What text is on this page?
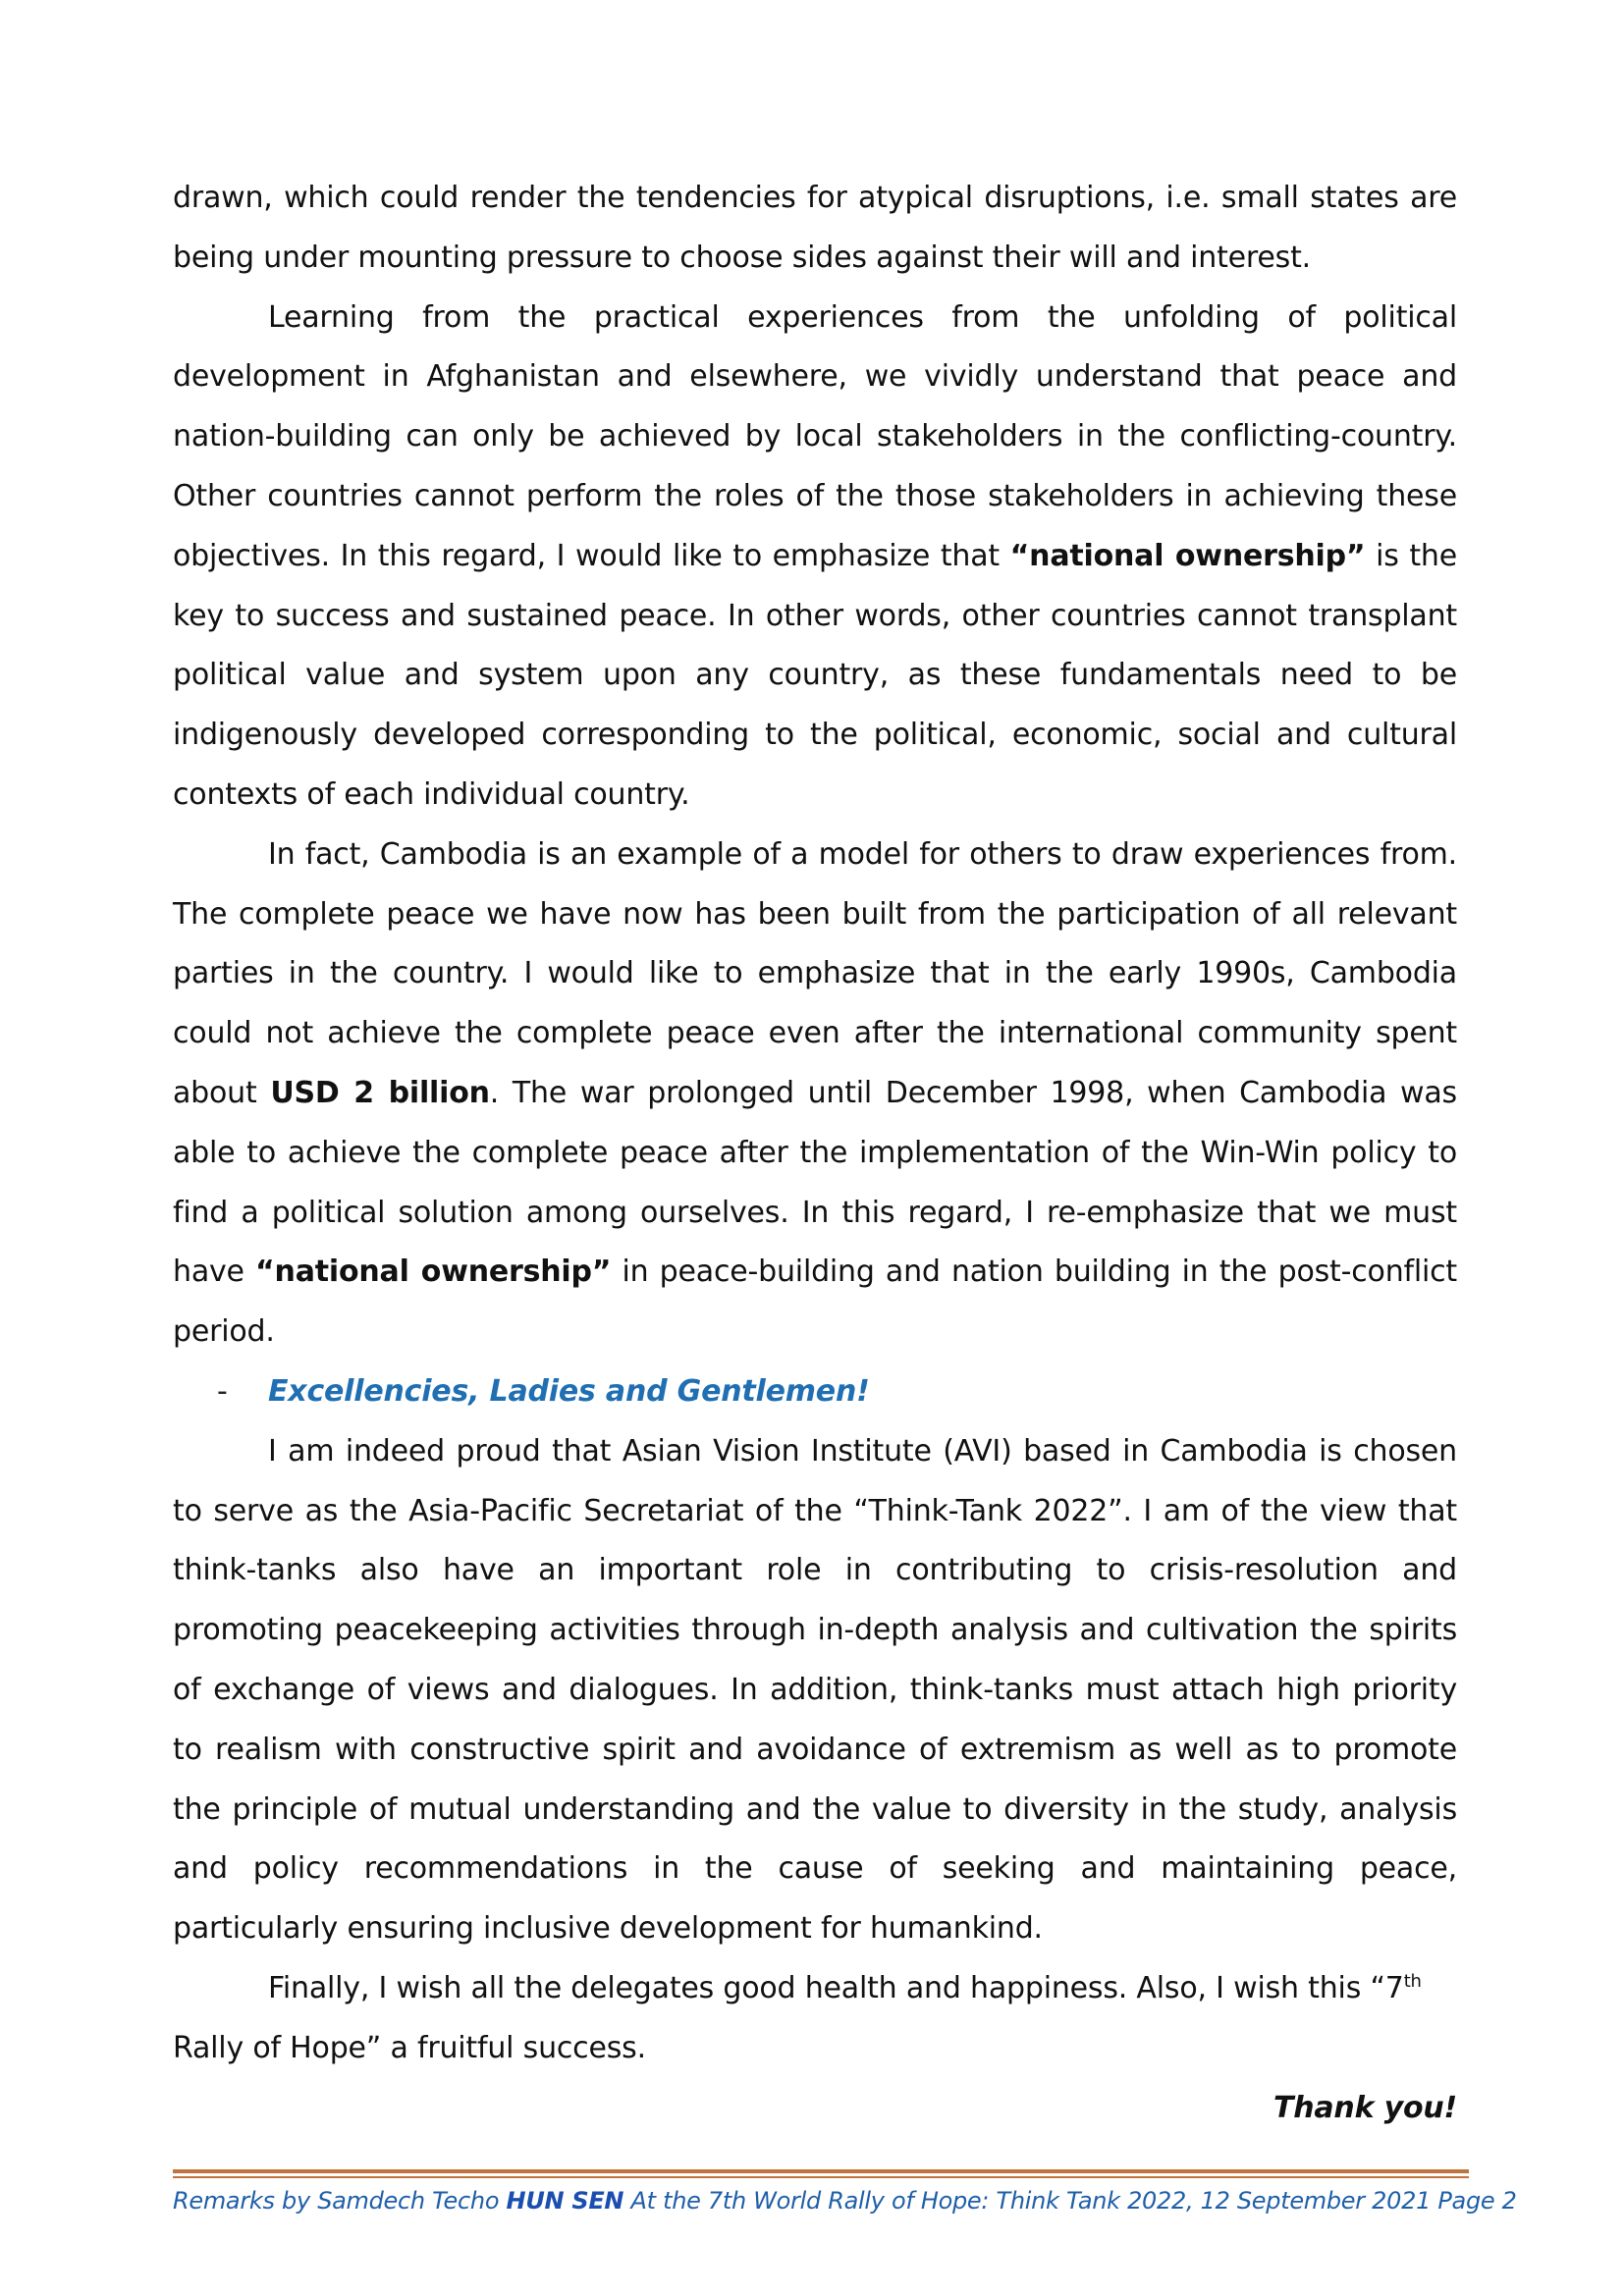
drawn, which could render the tendencies for atypical disruptions, i.e. small states are being under mounting pressure to choose sides against their will and interest.

Learning from the practical experiences from the unfolding of political development in Afghanistan and elsewhere, we vividly understand that peace and nation-building can only be achieved by local stakeholders in the conflicting-country. Other countries cannot perform the roles of the those stakeholders in achieving these objectives. In this regard, I would like to emphasize that “national ownership” is the key to success and sustained peace. In other words, other countries cannot transplant political value and system upon any country, as these fundamentals need to be indigenously developed corresponding to the political, economic, social and cultural contexts of each individual country.

In fact, Cambodia is an example of a model for others to draw experiences from. The complete peace we have now has been built from the participation of all relevant parties in the country. I would like to emphasize that in the early 1990s, Cambodia could not achieve the complete peace even after the international community spent about USD 2 billion. The war prolonged until December 1998, when Cambodia was able to achieve the complete peace after the implementation of the Win-Win policy to find a political solution among ourselves. In this regard, I re-emphasize that we must have “national ownership” in peace-building and nation building in the post-conflict period.

- Excellencies, Ladies and Gentlemen!

I am indeed proud that Asian Vision Institute (AVI) based in Cambodia is chosen to serve as the Asia-Pacific Secretariat of the “Think-Tank 2022”. I am of the view that think-tanks also have an important role in contributing to crisis-resolution and promoting peacekeeping activities through in-depth analysis and cultivation the spirits of exchange of views and dialogues. In addition, think-tanks must attach high priority to realism with constructive spirit and avoidance of extremism as well as to promote the principle of mutual understanding and the value to diversity in the study, analysis and policy recommendations in the cause of seeking and maintaining peace, particularly ensuring inclusive development for humankind.

Finally, I wish all the delegates good health and happiness. Also, I wish this “7th Rally of Hope” a fruitful success.

Thank you!

Remarks by Samdech Techo HUN SEN At the 7th World Rally of Hope: Think Tank 2022, 12 September 2021 Page 2
